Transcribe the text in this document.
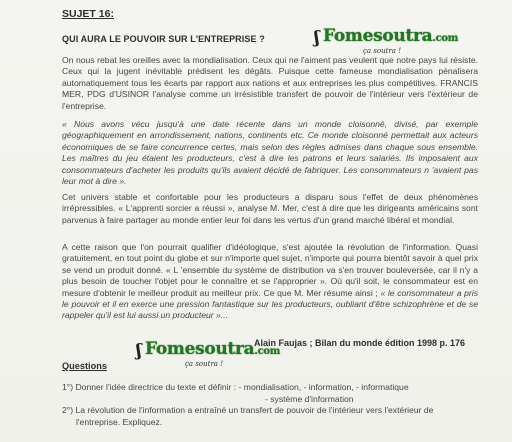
SUJET 16:
QUI AURA LE POUVOIR SUR L'ENTREPRISE ?	ʃ Fomesoutra.com
ça soutra !

On nous rebat les oreilles avec la mondialisation. Ceux qui ne l'aiment pas veulent que notre pays lui résiste. Ceux qui la jugent inévitable prédisent les dégâts. Puisque cette fameuse mondialisation pénalisera automatiquement tous les écarts par rapport aux nations et aux entreprises les plus compétitives. FRANCIS MER, PDG d'USINOR l'analyse comme un irrésistible transfert de pouvoir de l'intérieur vers l'extérieur de l'entreprise.

« Nous avons vécu jusqu'à une date récente dans un monde cloisonné, divisé, par exemple géographiquement en arrondissement, nations, continents etc. Ce monde cloisonné permettait aux acteurs économiques de se faire concurrence certes, mais selon des règles admises dans chaque sous ensemble. Les maîtres du jeu étaient les producteurs, c'est à dire les patrons et leurs salariés. Ils imposaient aux consommateurs d'acheter les produits qu'ils avaient décidé de fabriquer. Les consommateurs n 'avaient pas leur mot à dire ».

Cet univers stable et confortable pour les producteurs a disparu sous l'effet de deux phénomènes irrépressibles. « L'apprenti sorcier a réussi », analyse M. Mer, c'est à dire que les dirigeants américains sont parvenus à faire partager au monde entier leur foi dans les vertus d'un grand marché libéral et mondial.

A cette raison que l'on pourrait qualifier d'idéologique, s'est ajoutée la révolution de l'information. Quasi gratuitement, en tout point du globe et sur n'importe quel sujet, n'importe qui pourra bientôt savoir à quel prix se vend un produit donné. « L 'ensemble du système de distribution va s'en trouver bouleversée, car il n'y a plus besoin de toucher l'objet pour le connaître et se l'approprier ». Où qu'il soit, le consommateur est en mesure d'obtenir le meilleur produit au meilleur prix. Ce que M. Mer résume ainsi ; « le consommateur a pris le pouvoir et il en exerce une pression fantastique sur les producteurs, oubliant d'être schizophrène et de se rappeler qu'il est lui aussi un producteur »...

ʃ Fomesoutra.com
ça soutra !
Alain Faujas ; Bilan du monde édition 1998 p. 176
Questions
1°) Donner l'idée directrice du texte et définir : - mondialisation, - information, - informatique
- système d'information
2°) La révolution de l'information a entraîné un transfert de pouvoir de l'intérieur vers l'extérieur de
l'entreprise. Expliquez.
